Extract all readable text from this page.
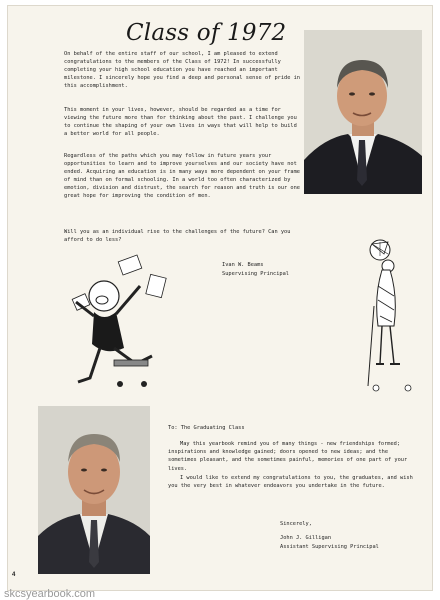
Class of 1972

On behalf of the entire staff of our school, I am pleased to extend congratulations to the members of the Class of 1972! In successfully completing your high school education you have reached an important milestone. I sincerely hope you find a deep and personal sense of pride in this accomplishment.

This moment in your lives, however, should be regarded as a time for viewing the future more than for thinking about the past. I challenge you to continue the shaping of your own lives in ways that will help to build a better world for all people.

Regardless of the paths which you may follow in future years your opportunities to learn and to improve yourselves and our society have not ended. Acquiring an education is in many ways more dependent on your frame of mind than on formal schooling. In a world too often characterized by emotion, division and distrust, the search for reason and truth is our one great hope for improving the condition of men.

Will you as an individual rise to the challenges of the future? Can you afford to do less?

Ivan W. Beams
Supervising Principal
To: The Graduating Class

May this yearbook remind you of many things - new friendships formed; inspirations and knowledge gained; doors opened to new ideas; and the sometimes pleasant, and the sometimes painful, memories of one part of your lives.

I would like to extend my congratulations to you, the graduates, and wish you the very best in whatever endeavors you undertake in the future.

Sincerely,
John J. Gilligan
Assistant Supervising Principal
4
skcsyearbook.com
